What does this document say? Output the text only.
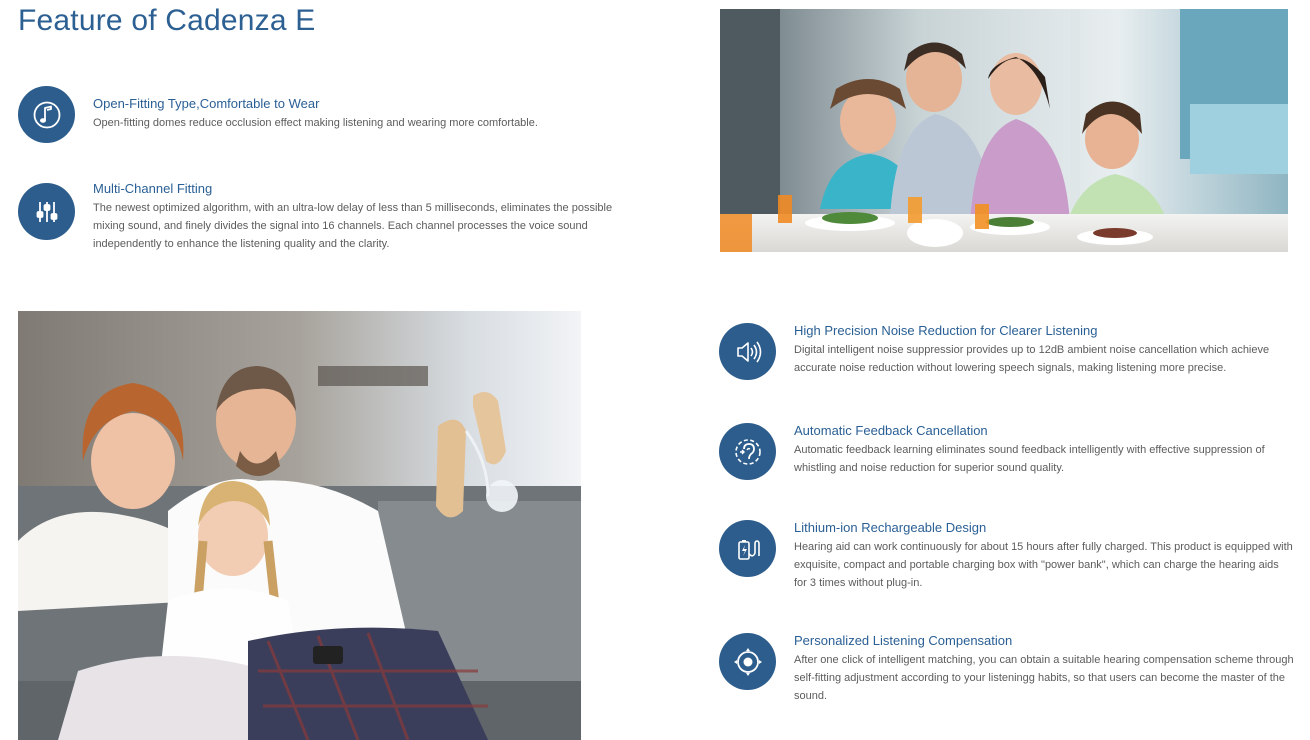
Feature of Cadenza E

Open-Fitting Type,Comfortable to Wear

Open-fitting domes reduce occlusion effect making listening and wearing more comfortable.

Multi-Channel Fitting

The newest optimized algorithm, with an ultra-low delay of less than 5 milliseconds, eliminates the possible mixing sound, and finely divides the signal into 16 channels. Each channel processes the voice sound independently to enhance the listening quality and the clarity.

High Precision Noise Reduction for Clearer Listening

Digital intelligent noise suppressior provides up to 12dB ambient noise cancellation which achieve accurate noise reduction without lowering speech signals, making listening more precise.

Automatic Feedback Cancellation

Automatic feedback learning eliminates sound feedback intelligently with effective suppression of whistling and noise reduction for superior sound quality.

Lithium-ion Rechargeable Design

Hearing aid can work continuously for about 15 hours after fully charged. This product is equipped with exquisite, compact and portable charging box with "power bank", which can charge the hearing aids for 3 times without plug-in.

Personalized Listening Compensation

After one click of intelligent matching, you can obtain a suitable hearing compensation scheme through self-fitting adjustment according to your listeningg habits, so that users can become the master of the sound.
